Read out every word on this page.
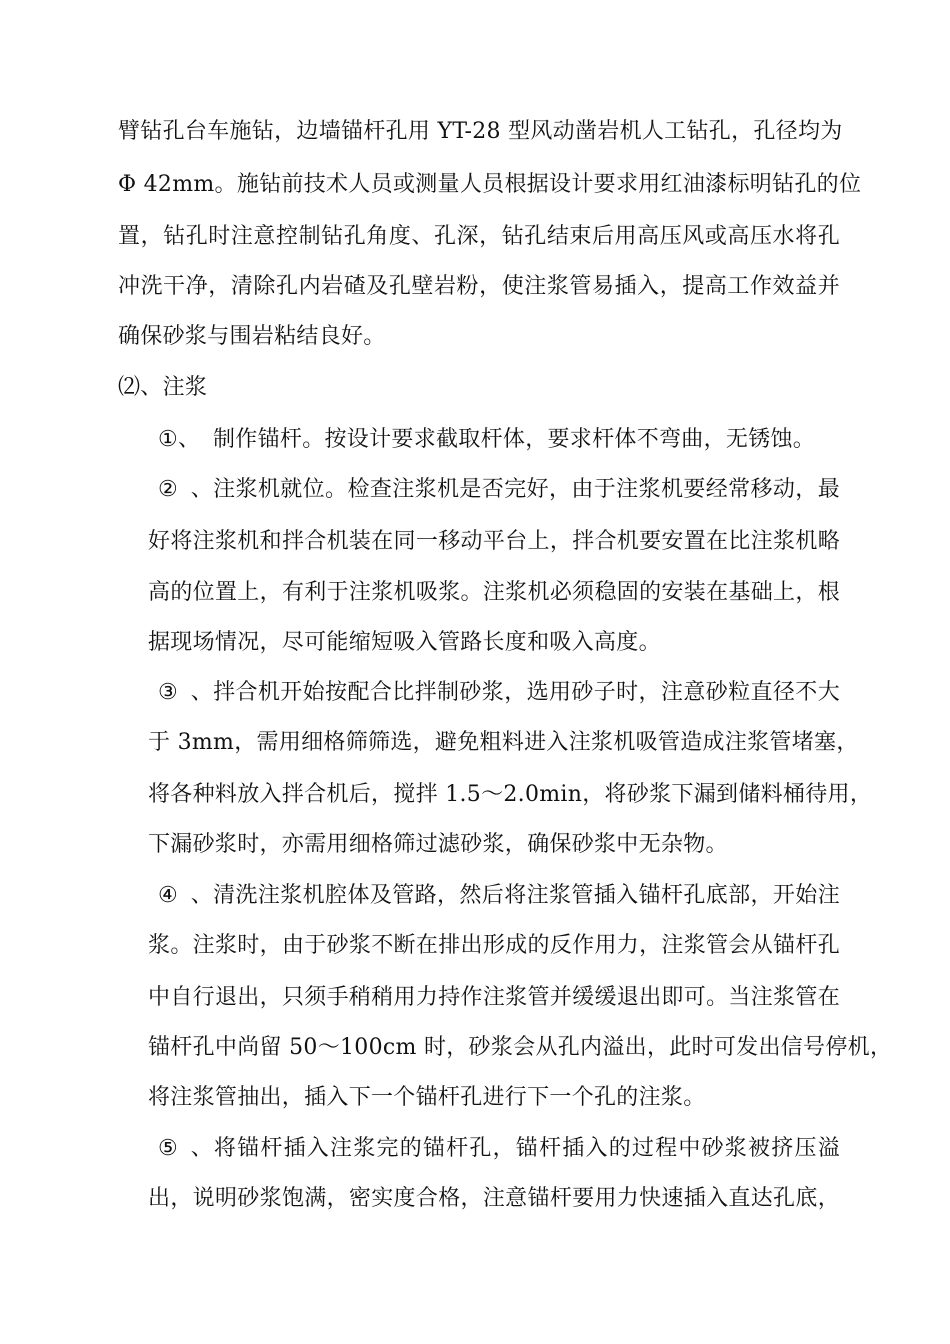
臂钻孔台车施钻，边墙锚杆孔用 YT-28 型风动凿岩机人工钻孔，孔径均为
Φ 42mm。施钻前技术人员或测量人员根据设计要求用红油漆标明钻孔的位
置，钻孔时注意控制钻孔角度、孔深，钻孔结束后用高压风或高压水将孔
冲洗干净，清除孔内岩碴及孔壁岩粉，使注浆管易插入，提高工作效益并
确保砂浆与围岩粘结良好。
⑵、注浆
①、 制作锚杆。按设计要求截取杆体，要求杆体不弯曲，无锈蚀。
②、注浆机就位。检查注浆机是否完好，由于注浆机要经常移动，最
好将注浆机和拌合机装在同一移动平台上，拌合机要安置在比注浆机略
高的位置上，有利于注浆机吸浆。注浆机必须稳固的安装在基础上，根
据现场情况，尽可能缩短吸入管路长度和吸入高度。
③、拌合机开始按配合比拌制砂浆，选用砂子时，注意砂粒直径不大
于 3mm，需用细格筛筛选，避免粗料进入注浆机吸管造成注浆管堵塞，
将各种料放入拌合机后，搅拌 1.5～2.0min，将砂浆下漏到储料桶待用，
下漏砂浆时，亦需用细格筛过滤砂浆，确保砂浆中无杂物。
④、清洗注浆机腔体及管路，然后将注浆管插入锚杆孔底部，开始注
浆。注浆时，由于砂浆不断在排出形成的反作用力，注浆管会从锚杆孔
中自行退出，只须手稍稍用力持作注浆管并缓缓退出即可。当注浆管在
锚杆孔中尚留 50～100cm 时，砂浆会从孔内溢出，此时可发出信号停机，
将注浆管抽出，插入下一个锚杆孔进行下一个孔的注浆。
⑤、将锚杆插入注浆完的锚杆孔，锚杆插入的过程中砂浆被挤压溢
出，说明砂浆饱满，密实度合格，注意锚杆要用力快速插入直达孔底，
